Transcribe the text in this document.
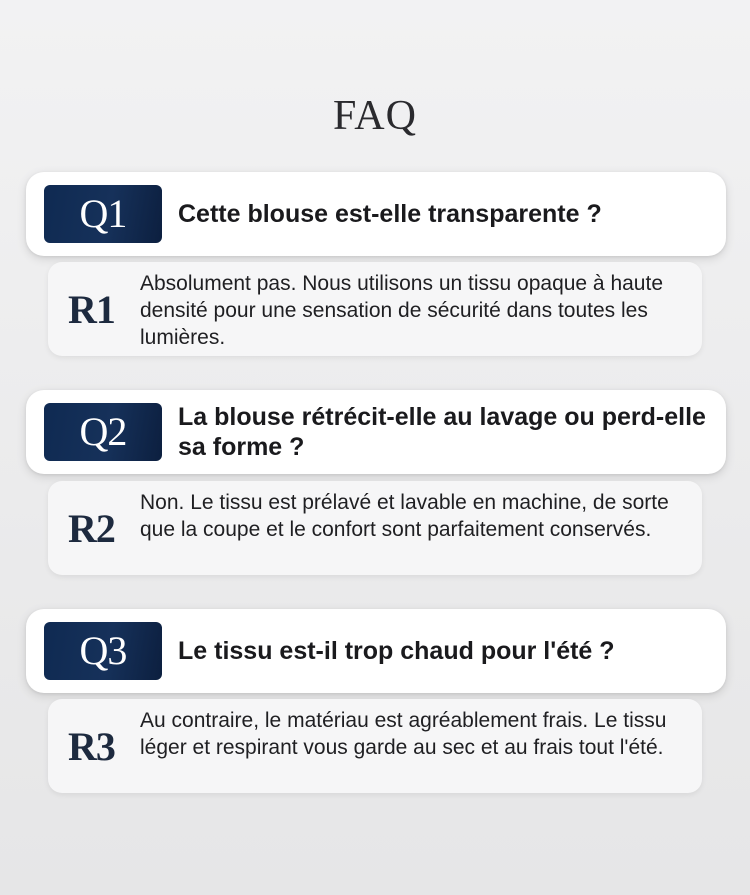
FAQ
Q1	Cette blouse est-elle transparente ?
R1
Absolument pas. Nous utilisons un tissu opaque à haute densité pour une sensation de sécurité dans toutes les lumières.
Q2	La blouse rétrécit-elle au lavage ou perd-elle sa forme ?
R2
Non. Le tissu est prélavé et lavable en machine, de sorte que la coupe et le confort sont parfaitement conservés.
Q3	Le tissu est-il trop chaud pour l'été ?
R3
Au contraire, le matériau est agréablement frais. Le tissu léger et respirant vous garde au sec et au frais tout l'été.
